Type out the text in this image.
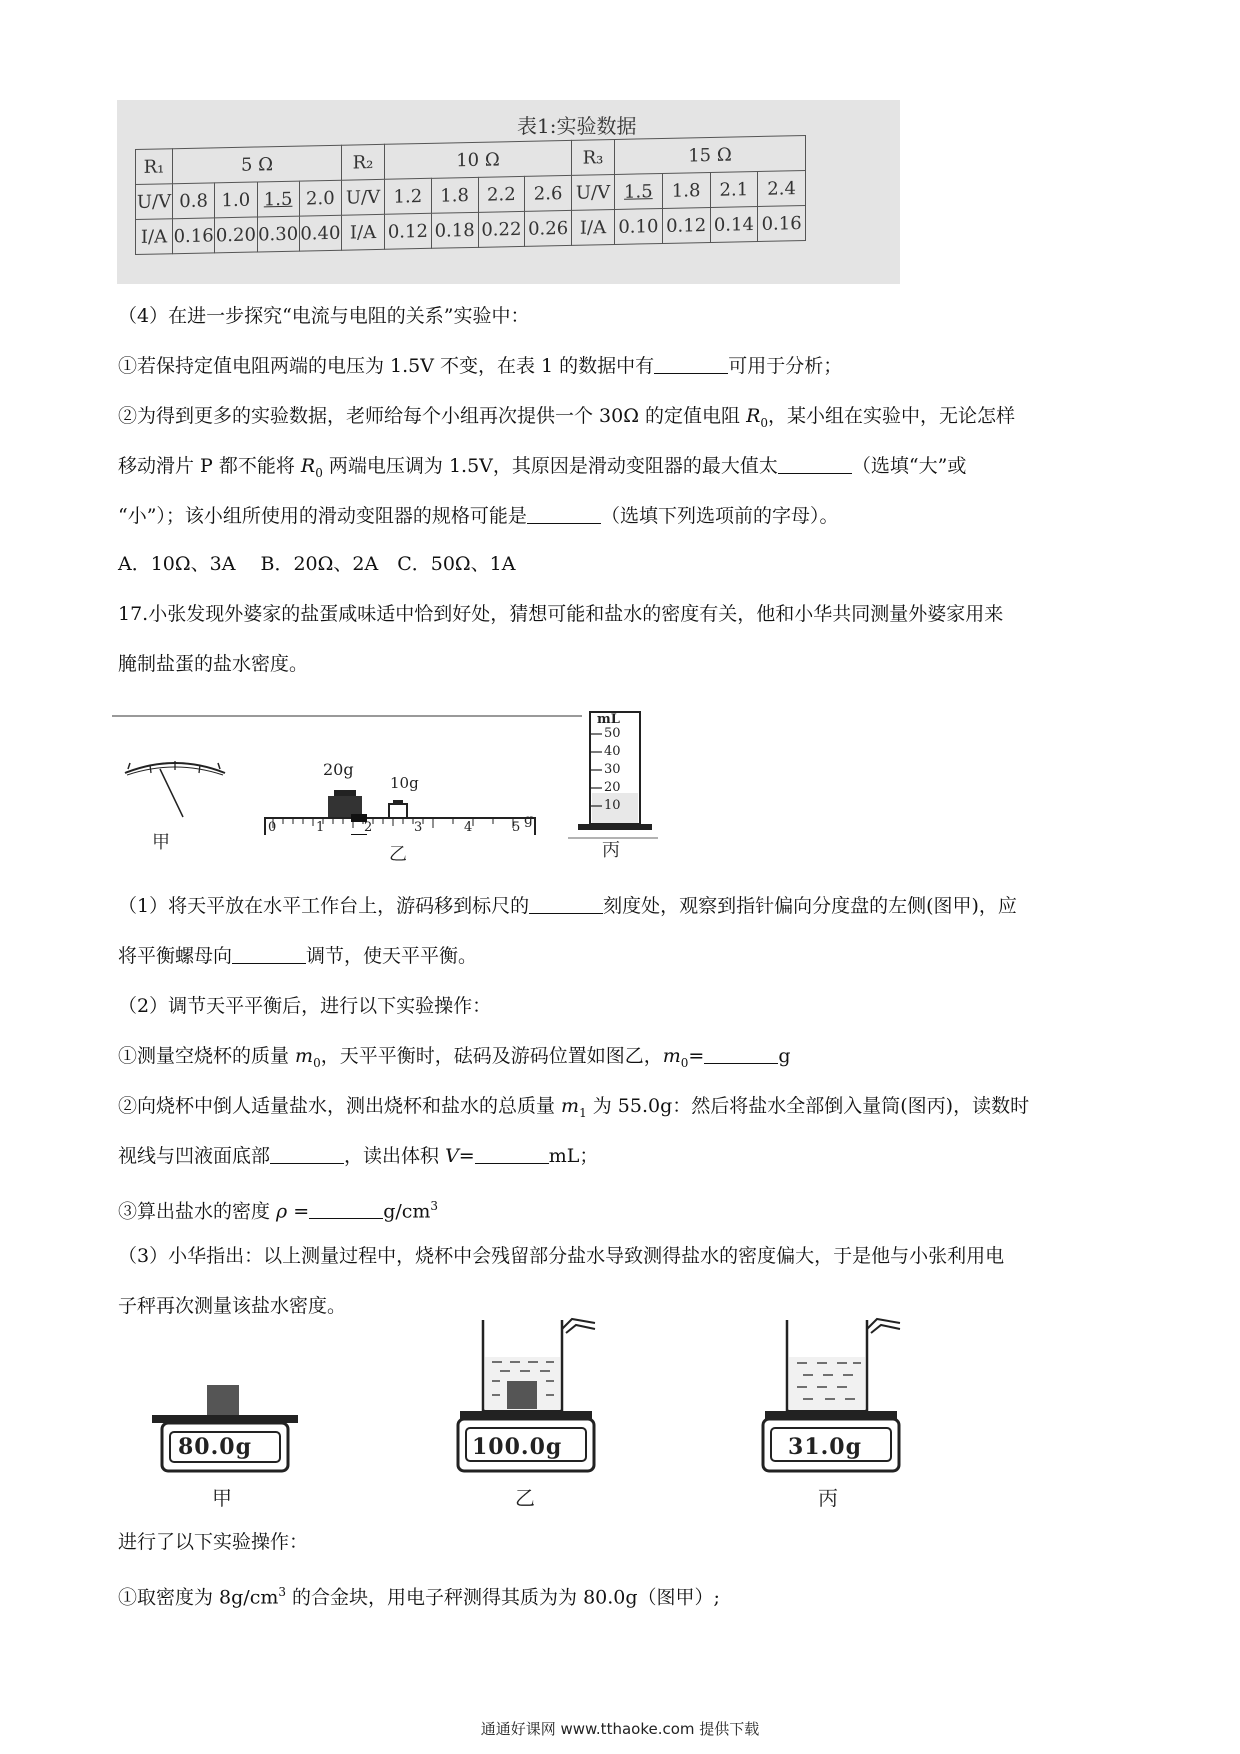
表1:实验数据
R₁	5 Ω				R₂	10 Ω				R₃	15 Ω			
U/V	0.8	1.0	1.5	2.0	U/V	1.2	1.8	2.2	2.6	U/V	1.5	1.8	2.1	2.4
I/A	0.16	0.20	0.30	0.40	I/A	0.12	0.18	0.22	0.26	I/A	0.10	0.12	0.14	0.16
（4）在进一步探究“电流与电阻的关系”实验中：
①若保持定值电阻两端的电压为 1.5V 不变，在表 1 的数据中有	可用于分析；
②为得到更多的实验数据，老师给每个小组再次提供一个 30Ω 的定值电阻 $R_0$，某小组在实验中，无论怎样
移动滑片 P 都不能将 $R_0$ 两端电压调为 1.5V，其原因是滑动变阻器的最大值太	（选填“大”或
“小”）；该小组所使用的滑动变阻器的规格可能是	（选填下列选项前的字母）。
A．10Ω、3A　 B．20Ω、2A　C．50Ω、1A
17.小张发现外婆家的盐蛋咸味适中恰到好处，猜想可能和盐水的密度有关，他和小华共同测量外婆家用来
腌制盐蛋的盐水密度。
甲
20g
10g
g
0	1	2	3	4	5
乙
mL
50
40
30
20
10
丙
（1）将天平放在水平工作台上，游码移到标尺的	刻度处，观察到指针偏向分度盘的左侧(图甲)，应
将平衡螺母向	调节，使天平平衡。
（2）调节天平平衡后，进行以下实验操作：
①测量空烧杯的质量 $m_0$，天平平衡时，砝码及游码位置如图乙，$m_0=$	g
②向烧杯中倒人适量盐水，测出烧杯和盐水的总质量 $m_1$ 为 55.0g：然后将盐水全部倒入量筒(图丙)，读数时
视线与凹液面底部	，读出体积 V=	mL；
③算出盐水的密度 ρ =	$g/cm^3$
（3）小华指出：以上测量过程中，烧杯中会残留部分盐水导致测得盐水的密度偏大，于是他与小张利用电
子秤再次测量该盐水密度。
80.0g
甲
100.0g
乙
31.0g
丙
进行了以下实验操作：
①取密度为 $8g/cm^3$ 的合金块，用电子秤测得其质为为 80.0g（图甲）;
通通好课网 www.tthaoke.com 提供下载
